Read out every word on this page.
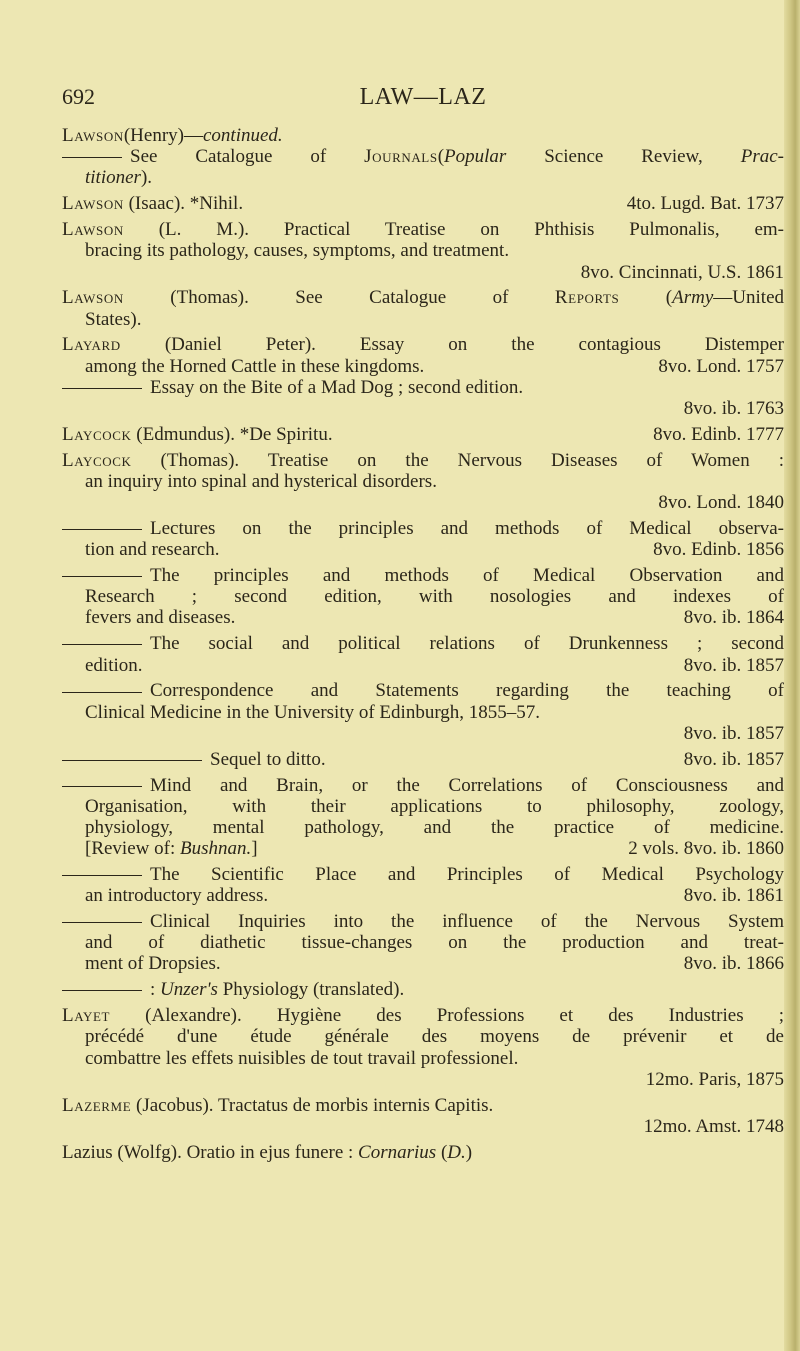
692	LAW—LAZ
Lawson(Henry)—continued.
See Catalogue of Journals(Popular Science Review, Prac-
titioner).
Lawson (Isaac). *Nihil.	4to. Lugd. Bat. 1737
Lawson (L. M.). Practical Treatise on Phthisis Pulmonalis, em-
bracing its pathology, causes, symptoms, and treatment.
8vo. Cincinnati, U.S. 1861
Lawson (Thomas). See Catalogue of Reports (Army—United
States).
Layard (Daniel Peter). Essay on the contagious Distemper
among the Horned Cattle in these kingdoms.	8vo. Lond. 1757
Essay on the Bite of a Mad Dog ; second edition.
8vo. ib. 1763
Laycock (Edmundus). *De Spiritu.	8vo. Edinb. 1777
Laycock (Thomas). Treatise on the Nervous Diseases of Women :
an inquiry into spinal and hysterical disorders.
8vo. Lond. 1840
Lectures on the principles and methods of Medical observa-
tion and research.	8vo. Edinb. 1856
The principles and methods of Medical Observation and
Research ; second edition, with nosologies and indexes of
fevers and diseases.	8vo. ib. 1864
The social and political relations of Drunkenness ; second
edition.	8vo. ib. 1857
Correspondence and Statements regarding the teaching of
Clinical Medicine in the University of Edinburgh, 1855–57.
8vo. ib. 1857
Sequel to ditto.	8vo. ib. 1857
Mind and Brain, or the Correlations of Consciousness and
Organisation, with their applications to philosophy, zoology,
physiology, mental pathology, and the practice of medicine.
[Review of: Bushnan.]	2 vols. 8vo. ib. 1860
The Scientific Place and Principles of Medical Psychology
an introductory address.	8vo. ib. 1861
Clinical Inquiries into the influence of the Nervous System
and of diathetic tissue-changes on the production and treat-
ment of Dropsies.	8vo. ib. 1866
: Unzer's Physiology (translated).
Layet (Alexandre). Hygiène des Professions et des Industries ;
précédé d'une étude générale des moyens de prévenir et de
combattre les effets nuisibles de tout travail professionel.
12mo. Paris, 1875
Lazerme (Jacobus). Tractatus de morbis internis Capitis.
12mo. Amst. 1748
Lazius (Wolfg). Oratio in ejus funere : Cornarius (D.)
